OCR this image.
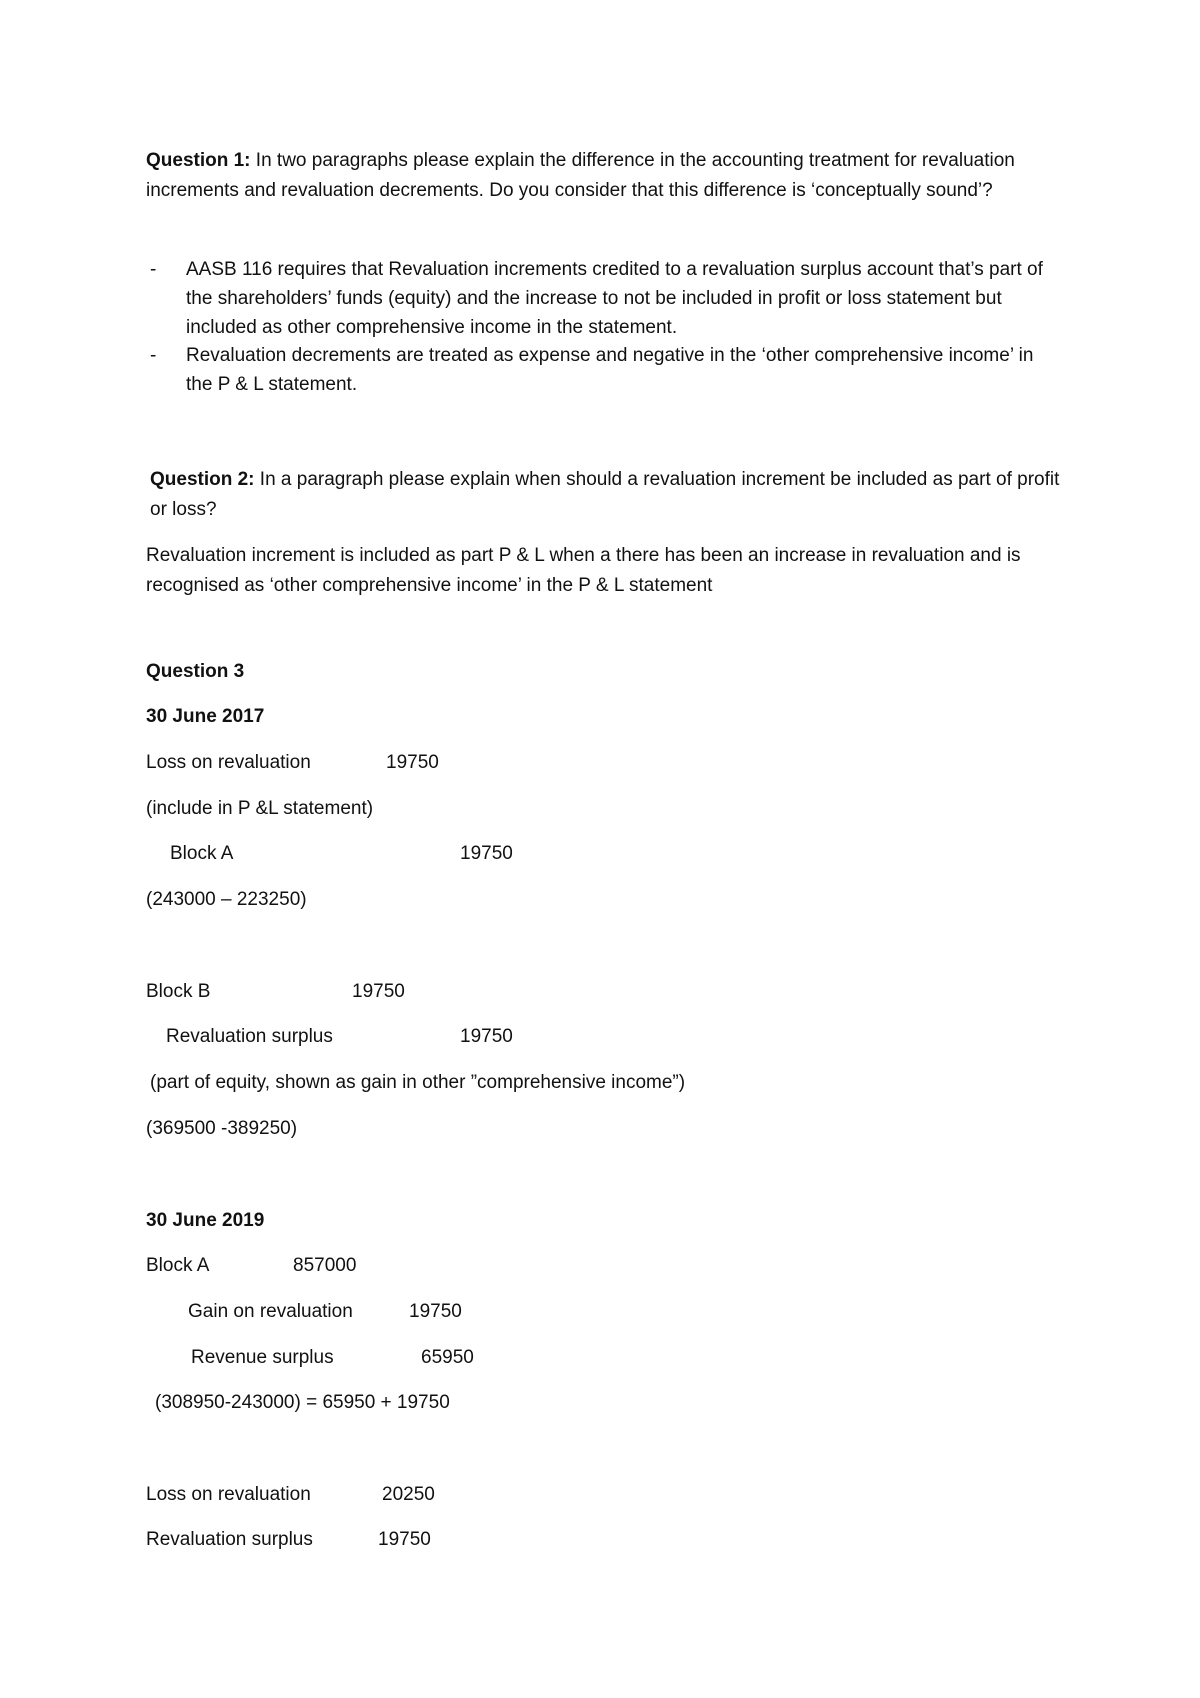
Question 1: In two paragraphs please explain the difference in the accounting treatment for revaluation increments and revaluation decrements. Do you consider that this difference is ‘conceptually sound’?
- AASB 116 requires that Revaluation increments credited to a revaluation surplus account that’s part of the shareholders’ funds (equity) and the increase to not be included in profit or loss statement but included as other comprehensive income in the statement.
- Revaluation decrements are treated as expense and negative in the ‘other comprehensive income’ in the P & L statement.
Question 2: In a paragraph please explain when should a revaluation increment be included as part of profit or loss?
Revaluation increment is included as part P & L when a there has been an increase in revaluation and is recognised as ‘other comprehensive income’ in the P & L statement
Question 3
30 June 2017
Loss on revaluation	19750
(include in P &L statement)
Block A	19750
(243000 – 223250)
Block B	19750
Revaluation surplus	19750
(part of equity, shown as gain in other ”comprehensive income”)
(369500 -389250)
30 June 2019
Block A	857000
Gain on revaluation	19750
Revenue surplus	65950
(308950-243000) = 65950 + 19750
Loss on revaluation	20250
Revaluation surplus	19750
